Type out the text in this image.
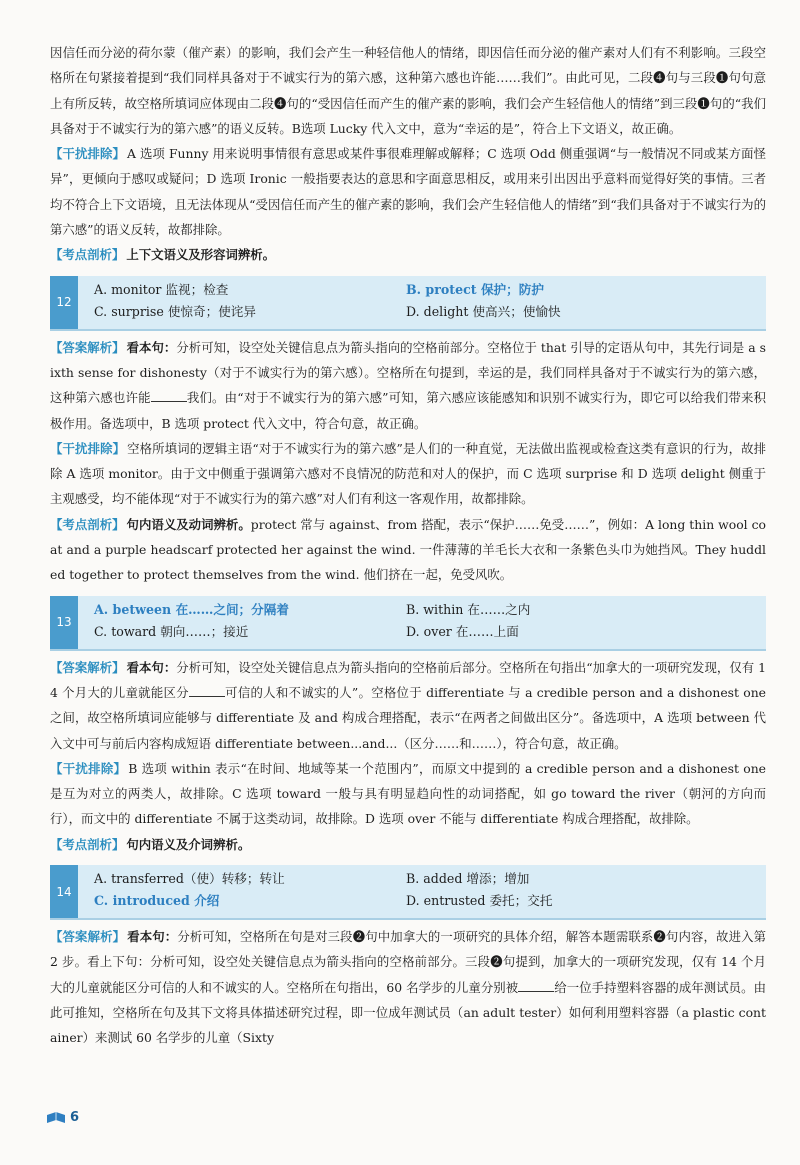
因信任而分泌的荷尔蒙（催产素）的影响，我们会产生一种轻信他人的情绪，即因信任而分泌的催产素对人们有不利影响。三段空格所在句紧接着提到“我们同样具备对于不诚实行为的第六感，这种第六感也许能……我们”。由此可见，二段❹句与三段❶句句意上有所反转，故空格所填词应体现由二段❹句的“受因信任而产生的催产素的影响，我们会产生轻信他人的情绪”到三段❶句的“我们具备对于不诚实行为的第六感”的语义反转。B选项 Lucky 代入文中，意为“幸运的是”，符合上下文语义，故正确。

【干扰排除】 A 选项 Funny 用来说明事情很有意思或某件事很难理解或解释；C 选项 Odd 侧重强调“与一般情况不同或某方面怪异”，更倾向于感叹或疑问；D 选项 Ironic 一般指要表达的意思和字面意思相反，或用来引出因出乎意料而觉得好笑的事情。三者均不符合上下文语境，且无法体现从“受因信任而产生的催产素的影响，我们会产生轻信他人的情绪”到“我们具备对于不诚实行为的第六感”的语义反转，故都排除。

【考点剖析】 上下文语义及形容词辨析。

12
A. monitor 监视；检查	B. protect 保护；防护
C. surprise 使惊奇；使诧异	D. delight 使高兴；使愉快

【答案解析】 看本句：分析可知，设空处关键信息点为箭头指向的空格前部分。空格位于 that 引导的定语从句中，其先行词是 a sixth sense for dishonesty（对于不诚实行为的第六感）。空格所在句提到，幸运的是，我们同样具备对于不诚实行为的第六感，这种第六感也许能	我们。由“对于不诚实行为的第六感”可知，第六感应该能感知和识别不诚实行为，即它可以给我们带来积极作用。备选项中，B 选项 protect 代入文中，符合句意，故正确。

【干扰排除】 空格所填词的逻辑主语“对于不诚实行为的第六感”是人们的一种直觉，无法做出监视或检查这类有意识的行为，故排除 A 选项 monitor。由于文中侧重于强调第六感对不良情况的防范和对人的保护，而 C 选项 surprise 和 D 选项 delight 侧重于主观感受，均不能体现“对于不诚实行为的第六感”对人们有利这一客观作用，故都排除。

【考点剖析】 句内语义及动词辨析。protect 常与 against、from 搭配，表示“保护……免受……”，例如：A long thin wool coat and a purple headscarf protected her against the wind. 一件薄薄的羊毛长大衣和一条紫色头巾为她挡风。They huddled together to protect themselves from the wind. 他们挤在一起，免受风吹。

13
A. between 在……之间；分隔着	B. within 在……之内
C. toward 朝向……；接近	D. over 在……上面

【答案解析】 看本句：分析可知，设空处关键信息点为箭头指向的空格前后部分。空格所在句指出“加拿大的一项研究发现，仅有 14 个月大的儿童就能区分	可信的人和不诚实的人”。空格位于 differentiate 与 a credible person and a dishonest one 之间，故空格所填词应能够与 differentiate 及 and 构成合理搭配，表示“在两者之间做出区分”。备选项中，A 选项 between 代入文中可与前后内容构成短语 differentiate between...and...（区分……和……），符合句意，故正确。

【干扰排除】 B 选项 within 表示“在时间、地域等某一个范围内”，而原文中提到的 a credible person and a dishonest one 是互为对立的两类人，故排除。C 选项 toward 一般与具有明显趋向性的动词搭配，如 go toward the river（朝河的方向而行），而文中的 differentiate 不属于这类动词，故排除。D 选项 over 不能与 differentiate 构成合理搭配，故排除。

【考点剖析】 句内语义及介词辨析。

14
A. transferred（使）转移；转让	B. added 增添；增加
C. introduced 介绍	D. entrusted 委托；交托

【答案解析】 看本句：分析可知，空格所在句是对三段❷句中加拿大的一项研究的具体介绍，解答本题需联系❷句内容，故进入第 2 步。看上下句：分析可知，设空处关键信息点为箭头指向的空格前部分。三段❷句提到，加拿大的一项研究发现，仅有 14 个月大的儿童就能区分可信的人和不诚实的人。空格所在句指出，60 名学步的儿童分别被	给一位手持塑料容器的成年测试员。由此可推知，空格所在句及其下文将具体描述研究过程，即一位成年测试员（an adult tester）如何利用塑料容器（a plastic container）来测试 60 名学步的儿童（Sixty

6
